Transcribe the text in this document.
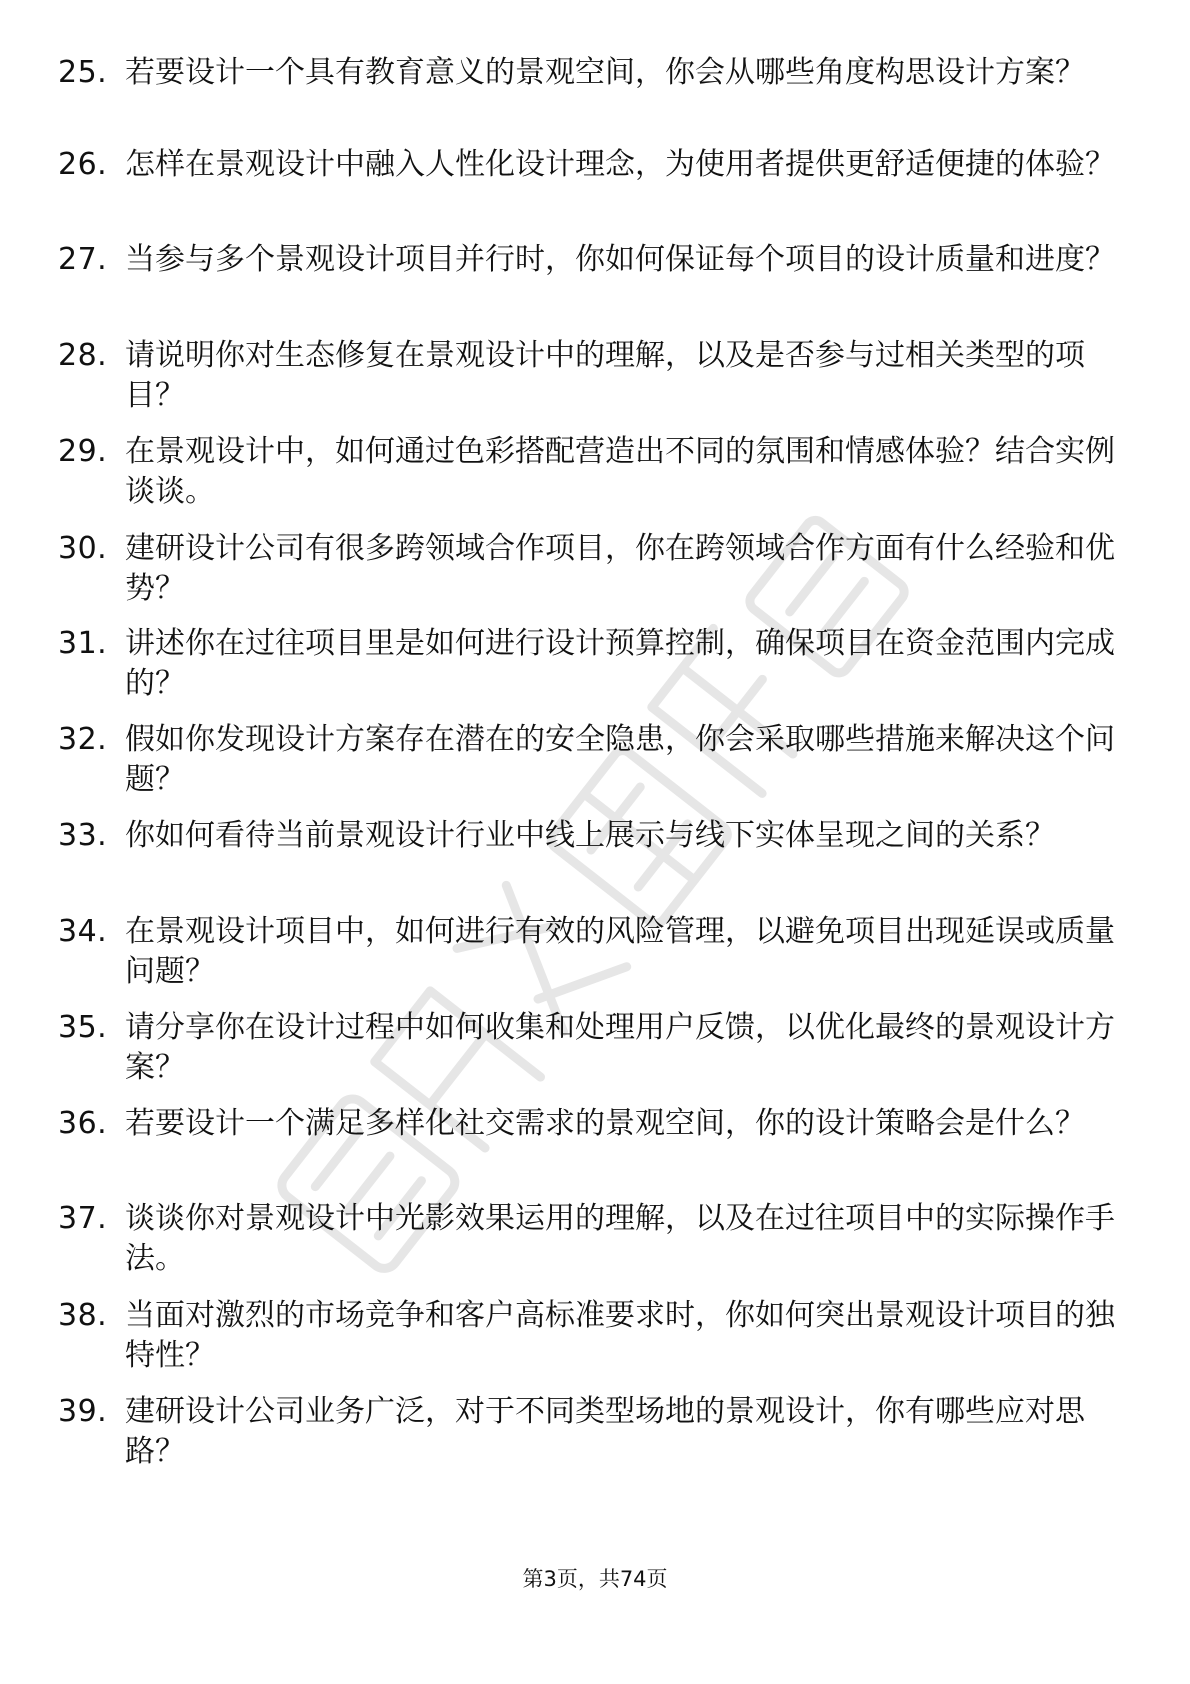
25. 若要设计一个具有教育意义的景观空间，你会从哪些角度构思设计方案？
26. 怎样在景观设计中融入人性化设计理念，为使用者提供更舒适便捷的体验？
27. 当参与多个景观设计项目并行时，你如何保证每个项目的设计质量和进度？
28. 请说明你对生态修复在景观设计中的理解，以及是否参与过相关类型的项目？
29. 在景观设计中，如何通过色彩搭配营造出不同的氛围和情感体验？结合实例谈谈。
30. 建研设计公司有很多跨领域合作项目，你在跨领域合作方面有什么经验和优势？
31. 讲述你在过往项目里是如何进行设计预算控制，确保项目在资金范围内完成的？
32. 假如你发现设计方案存在潜在的安全隐患，你会采取哪些措施来解决这个问题？
33. 你如何看待当前景观设计行业中线上展示与线下实体呈现之间的关系？
34. 在景观设计项目中，如何进行有效的风险管理，以避免项目出现延误或质量问题？
35. 请分享你在设计过程中如何收集和处理用户反馈，以优化最终的景观设计方案？
36. 若要设计一个满足多样化社交需求的景观空间，你的设计策略会是什么？
37. 谈谈你对景观设计中光影效果运用的理解，以及在过往项目中的实际操作手法。
38. 当面对激烈的市场竞争和客户高标准要求时，你如何突出景观设计项目的独特性？
39. 建研设计公司业务广泛，对于不同类型场地的景观设计，你有哪些应对思路？
第3页，共74页
